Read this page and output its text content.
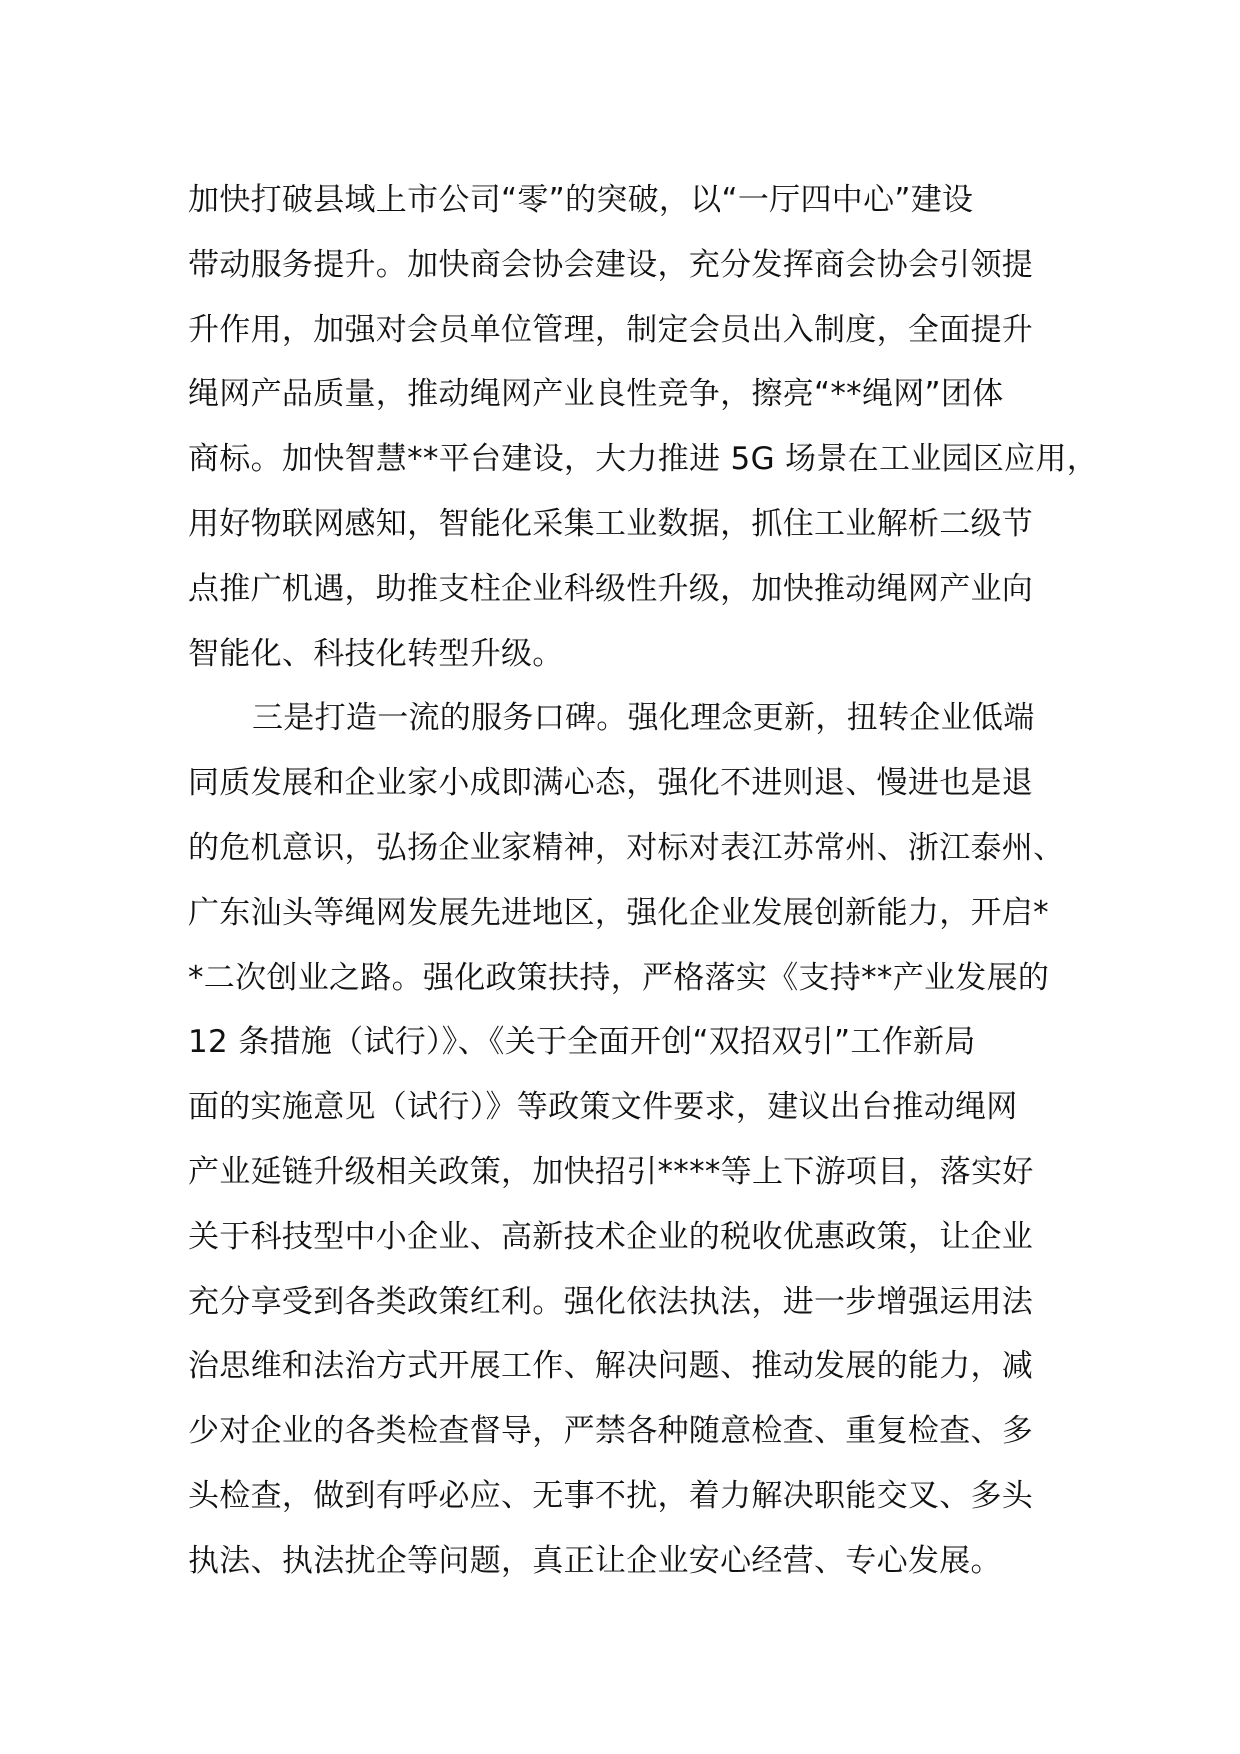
加快打破县域上市公司“零”的突破，以“一厅四中心”建设
带动服务提升。加快商会协会建设，充分发挥商会协会引领提
升作用，加强对会员单位管理，制定会员出入制度，全面提升
绳网产品质量，推动绳网产业良性竞争，擦亮“**绳网”团体
商标。加快智慧**平台建设，大力推进 5G 场景在工业园区应用，
用好物联网感知，智能化采集工业数据，抓住工业解析二级节
点推广机遇，助推支柱企业科级性升级，加快推动绳网产业向
智能化、科技化转型升级。
三是打造一流的服务口碑。强化理念更新，扭转企业低端
同质发展和企业家小成即满心态，强化不进则退、慢进也是退
的危机意识，弘扬企业家精神，对标对表江苏常州、浙江泰州、
广东汕头等绳网发展先进地区，强化企业发展创新能力，开启*
*二次创业之路。强化政策扶持，严格落实《支持**产业发展的
12 条措施（试行）》、《关于全面开创“双招双引”工作新局
面的实施意见（试行）》等政策文件要求，建议出台推动绳网
产业延链升级相关政策，加快招引****等上下游项目，落实好
关于科技型中小企业、高新技术企业的税收优惠政策，让企业
充分享受到各类政策红利。强化依法执法，进一步增强运用法
治思维和法治方式开展工作、解决问题、推动发展的能力，减
少对企业的各类检查督导，严禁各种随意检查、重复检查、多
头检查，做到有呼必应、无事不扰，着力解决职能交叉、多头
执法、执法扰企等问题，真正让企业安心经营、专心发展。
